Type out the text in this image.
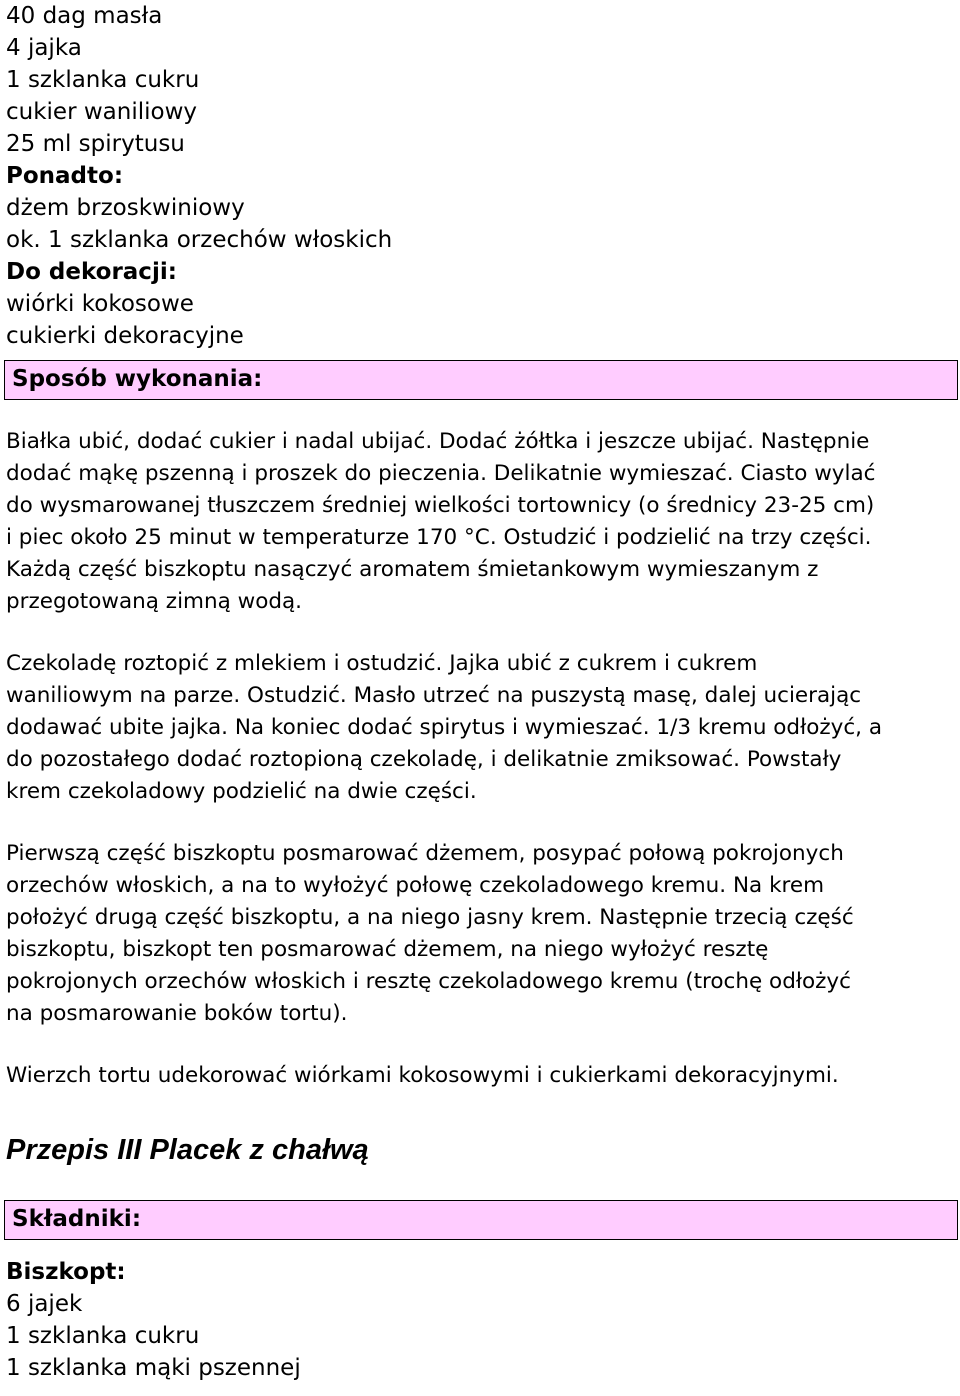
40 dag masła
4 jajka
1 szklanka cukru
cukier waniliowy
25 ml spirytusu
Ponadto:
dżem brzoskwiniowy
ok. 1 szklanka orzechów włoskich
Do dekoracji:
wiórki kokosowe
cukierki dekoracyjne
Sposób wykonania:
Białka ubić, dodać cukier i nadal ubijać. Dodać żółtka i jeszcze ubijać. Następnie
dodać mąkę pszenną i proszek do pieczenia. Delikatnie wymieszać. Ciasto wylać
do wysmarowanej tłuszczem średniej wielkości tortownicy (o średnicy 23-25 cm)
i piec około 25 minut w temperaturze 170 °C. Ostudzić i podzielić na trzy części.
Każdą część biszkoptu nasączyć aromatem śmietankowym wymieszanym z
przegotowaną zimną wodą.
Czekoladę roztopić z mlekiem i ostudzić. Jajka ubić z cukrem i cukrem
waniliowym na parze. Ostudzić. Masło utrzeć na puszystą masę, dalej ucierając
dodawać ubite jajka. Na koniec dodać spirytus i wymieszać. 1/3 kremu odłożyć, a
do pozostałego dodać roztopioną czekoladę, i delikatnie zmiksować. Powstały
krem czekoladowy podzielić na dwie części.
Pierwszą część biszkoptu posmarować dżemem, posypać połową pokrojonych
orzechów włoskich, a na to wyłożyć połowę czekoladowego kremu. Na krem
położyć drugą część biszkoptu, a na niego jasny krem. Następnie trzecią część
biszkoptu, biszkopt ten posmarować dżemem, na niego wyłożyć resztę
pokrojonych orzechów włoskich i resztę czekoladowego kremu (trochę odłożyć
na posmarowanie boków tortu).
Wierzch tortu udekorować wiórkami kokosowymi i cukierkami dekoracyjnymi.
Przepis III Placek z chałwą
Składniki:
Biszkopt:
6 jajek
1 szklanka cukru
1 szklanka mąki pszennej
